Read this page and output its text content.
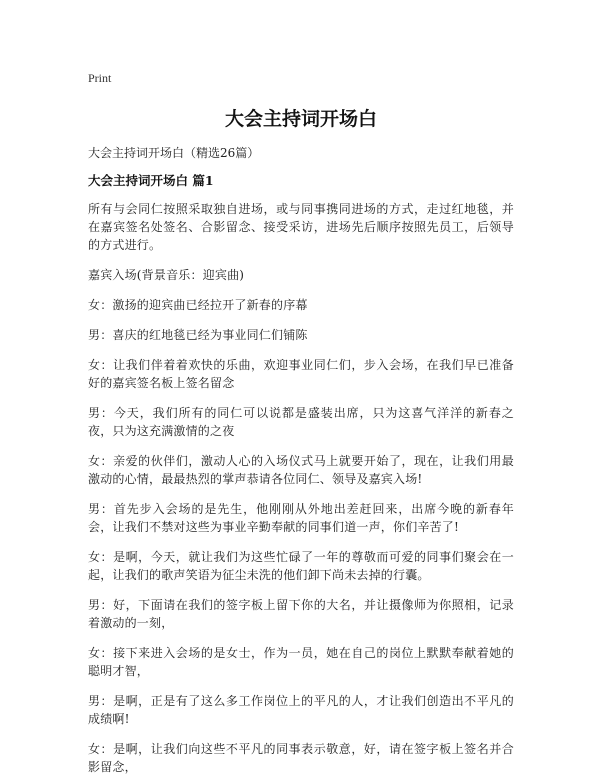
Print
大会主持词开场白
大会主持词开场白（精选26篇）
大会主持词开场白 篇1

所有与会同仁按照采取独自进场，或与同事携同进场的方式，走过红地毯，并在嘉宾签名处签名、合影留念、接受采访，进场先后顺序按照先员工，后领导的方式进行。

嘉宾入场(背景音乐：迎宾曲)

女：激扬的迎宾曲已经拉开了新春的序幕

男：喜庆的红地毯已经为事业同仁们铺陈

女：让我们伴着着欢快的乐曲，欢迎事业同仁们，步入会场，在我们早已准备好的嘉宾签名板上签名留念

男：今天，我们所有的同仁可以说都是盛装出席，只为这喜气洋洋的新春之夜，只为这充满激情的之夜

女：亲爱的伙伴们，激动人心的入场仪式马上就要开始了，现在，让我们用最激动的心情，最最热烈的掌声恭请各位同仁、领导及嘉宾入场!

男：首先步入会场的是先生，他刚刚从外地出差赶回来，出席今晚的新春年会，让我们不禁对这些为事业辛勤奉献的同事们道一声，你们辛苦了!

女：是啊，今天，就让我们为这些忙碌了一年的尊敬而可爱的同事们聚会在一起，让我们的歌声笑语为征尘未洗的他们卸下尚未去掉的行囊。

男：好，下面请在我们的签字板上留下你的大名，并让摄像师为你照相，记录着激动的一刻，

女：接下来进入会场的是女士，作为一员，她在自己的岗位上默默奉献着她的聪明才智，

男：是啊，正是有了这么多工作岗位上的平凡的人，才让我们创造出不平凡的成绩啊!

女：是啊，让我们向这些不平凡的同事表示敬意，好，请在签字板上签名并合影留念，
